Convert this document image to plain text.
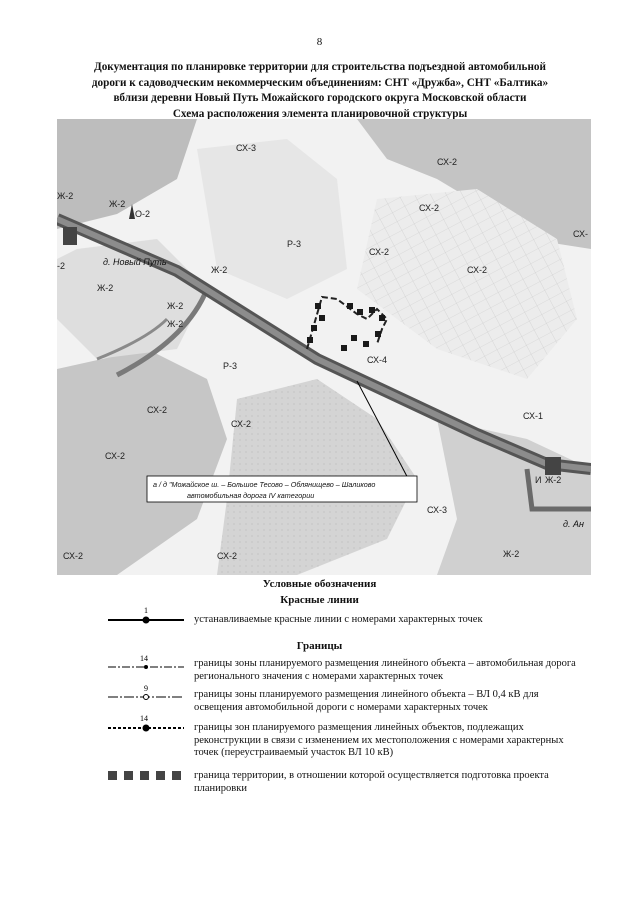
8
Документация по планировке территории для строительства подъездной автомобильной
дороги к садоводческим некоммерческим объединениям: СНТ «Дружба», СНТ «Балтика»
вблизи деревни Новый Путь Можайского городского округа Московской области
Схема расположения элемента планировочной структуры
а / д "Можайское ш. – Большое Тесово – Облянищево – Шаликово
автомобильная дорога IV категории
СХ-3
СХ-2
СХ-2
СХ-2
СХ-2
Р-3
Ж-2
Ж-2
Ж-2
Ж-2
Ж-2
Ж-2
О-2
Р-3
СХ-4
СХ-1
СХ-2
СХ-2
СХ-2
СХ-3
СХ-2
СХ-2	Ж-2
СХ-
-2
И Ж-2
д. Новый Путь
д. Ан
Условные обозначения
Красные линии
1
устанавливаемые красные линии с номерами характерных точек
Границы
14	границы зоны планируемого размещения линейного объекта – автомобильная дорога регионального значения с номерами характерных точек
9
границы зоны планируемого размещения линейного объекта – ВЛ 0,4 кВ для освещения автомобильной дороги с номерами характерных точек
14
границы зон планируемого размещения линейных объектов, подлежащих реконструкции в связи с изменением их местоположения с номерами характерных точек (переустраиваемый участок ВЛ 10 кВ)
граница территории, в отношении которой осуществляется подготовка проекта планировки
